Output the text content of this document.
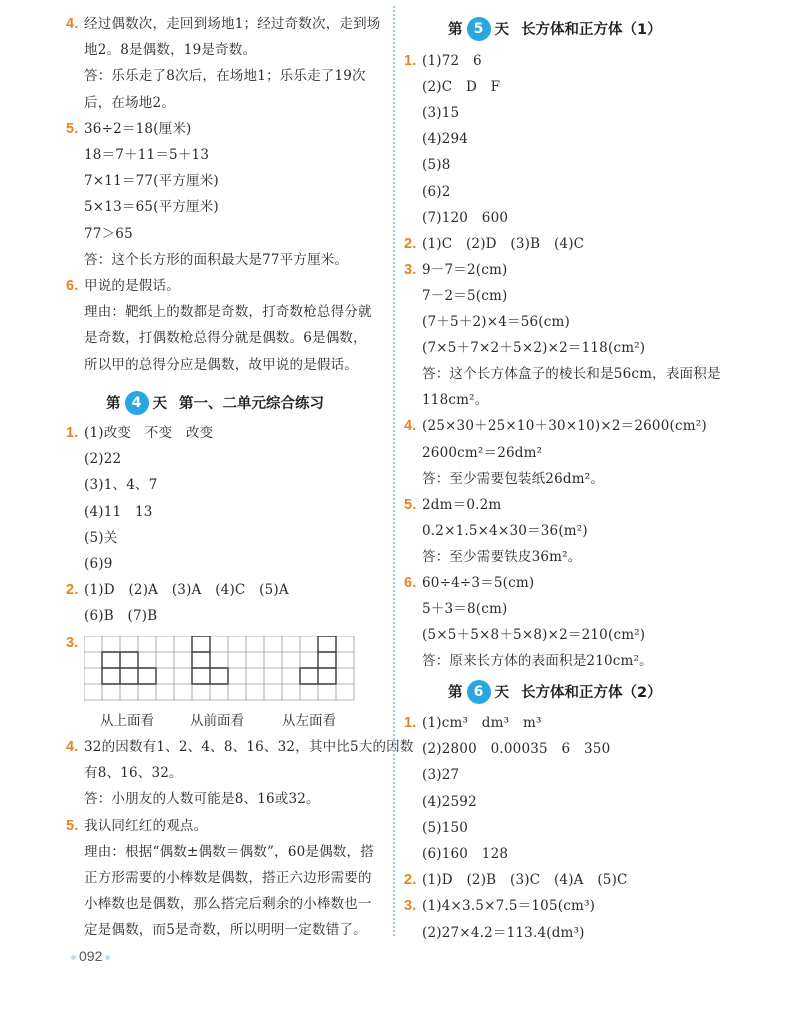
4. 经过偶数次，走回到场地1；经过奇数次，走到场
地2。8是偶数，19是奇数。
答：乐乐走了8次后，在场地1；乐乐走了19次
后，在场地2。
5. 36÷2＝18(厘米)
18＝7＋11＝5＋13
7×11＝77(平方厘米)
5×13＝65(平方厘米)
77＞65
答：这个长方形的面积最大是77平方厘米。
6. 甲说的是假话。
理由：靶纸上的数都是奇数，打奇数枪总得分就
是奇数，打偶数枪总得分就是偶数。6是偶数，
所以甲的总得分应是偶数，故甲说的是假话。
第 4 天 第一、二单元综合练习
1. (1)改变　不变　改变
(2)22
(3)1、4、7
(4)11　13
(5)关
(6)9
2. (1)D　(2)A　(3)A　(4)C　(5)A
(6)B　(7)B
3.
4. 32的因数有1、2、4、8、16、32，其中比5大的因数
有8、16、32。
答：小朋友的人数可能是8、16或32。
5. 我认同红红的观点。
理由：根据“偶数±偶数＝偶数”，60是偶数，搭
正方形需要的小棒数是偶数，搭正六边形需要的
小棒数也是偶数，那么搭完后剩余的小棒数也一
定是偶数，而5是奇数，所以明明一定数错了。
从上面看	从前面看	从左面看
第 5 天 长方体和正方体（1）
1. (1)72　6
(2)C　D　F
(3)15
(4)294
(5)8
(6)2
(7)120　600
2. (1)C　(2)D　(3)B　(4)C
3. 9－7＝2(cm)
7－2＝5(cm)
(7＋5＋2)×4＝56(cm)
(7×5＋7×2＋5×2)×2＝118(cm²)
答：这个长方体盒子的棱长和是56cm，表面积是
118cm²。
4. (25×30＋25×10＋30×10)×2＝2600(cm²)
2600cm²＝26dm²
答：至少需要包装纸26dm²。
5. 2dm＝0.2m
0.2×1.5×4×30＝36(m²)
答：至少需要铁皮36m²。
6. 60÷4÷3＝5(cm)
5＋3＝8(cm)
(5×5＋5×8＋5×8)×2＝210(cm²)
答：原来长方体的表面积是210cm²。
第 6 天 长方体和正方体（2）
1. (1)cm³　dm³　m³
(2)2800　0.00035　6　350
(3)27
(4)2592
(5)150
(6)160　128
2. (1)D　(2)B　(3)C　(4)A　(5)C
3. (1)4×3.5×7.5＝105(cm³)
(2)27×4.2＝113.4(dm³)
092
